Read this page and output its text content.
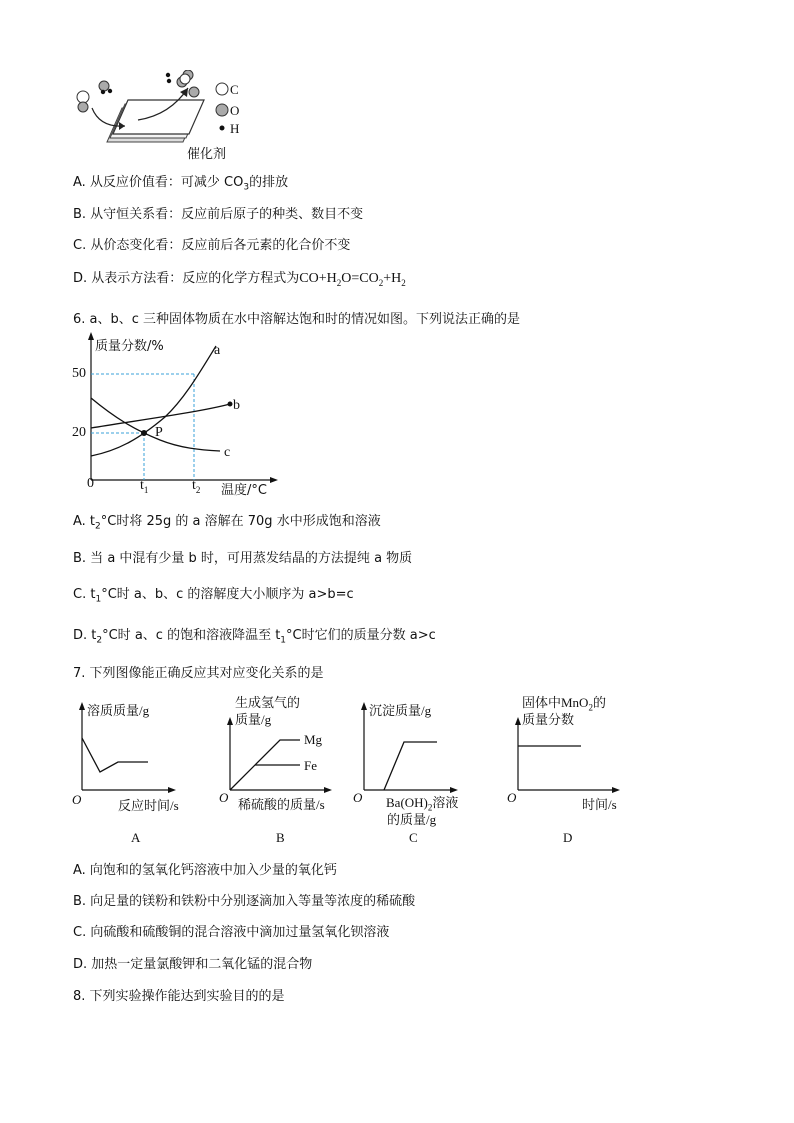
C
O
H
催化剂
A. 从反应价值看：可减少 $CO_3$的排放
B. 从守恒关系看：反应前后原子的种类、数目不变
C. 从价态变化看：反应前后各元素的化合价不变
D. 从表示方法看：反应的化学方程式为$CO+H_2O=CO_2+H_2$
6. a、b、c 三种固体物质在水中溶解达饱和时的情况如图。下列说法正确的是
质量分数/%
50
20
0	$t_1$	$t_2$ 温度/°C
P
a
b
c
A. $t_2^\circ C$时将 25g 的 a 溶解在 70g 水中形成饱和溶液
B. 当 a 中混有少量 b 时，可用蒸发结晶的方法提纯 a 物质
C. $t_1^\circ C$时 a、b、c 的溶解度大小顺序为 a>b=c
D. $t_2^\circ C$时 a、c 的饱和溶液降温至 $t_1^\circ C$时它们的质量分数 a>c
7. 下列图像能正确反应其对应变化关系的是
溶质质量/g
O	反应时间/s
A
生成氢气的
质量/g
Mg
Fe
O 稀硫酸的质量/s
B
沉淀质量/g
O $Ba(OH)_2$溶液
的质量/g
C
固体中MnO$_2$的
质量分数
O	时间/s
D
A. 向饱和的氢氧化钙溶液中加入少量的氧化钙
B. 向足量的镁粉和铁粉中分别逐滴加入等量等浓度的稀硫酸
C. 向硫酸和硫酸铜的混合溶液中滴加过量氢氧化钡溶液
D. 加热一定量氯酸钾和二氧化锰的混合物
8. 下列实验操作能达到实验目的的是
